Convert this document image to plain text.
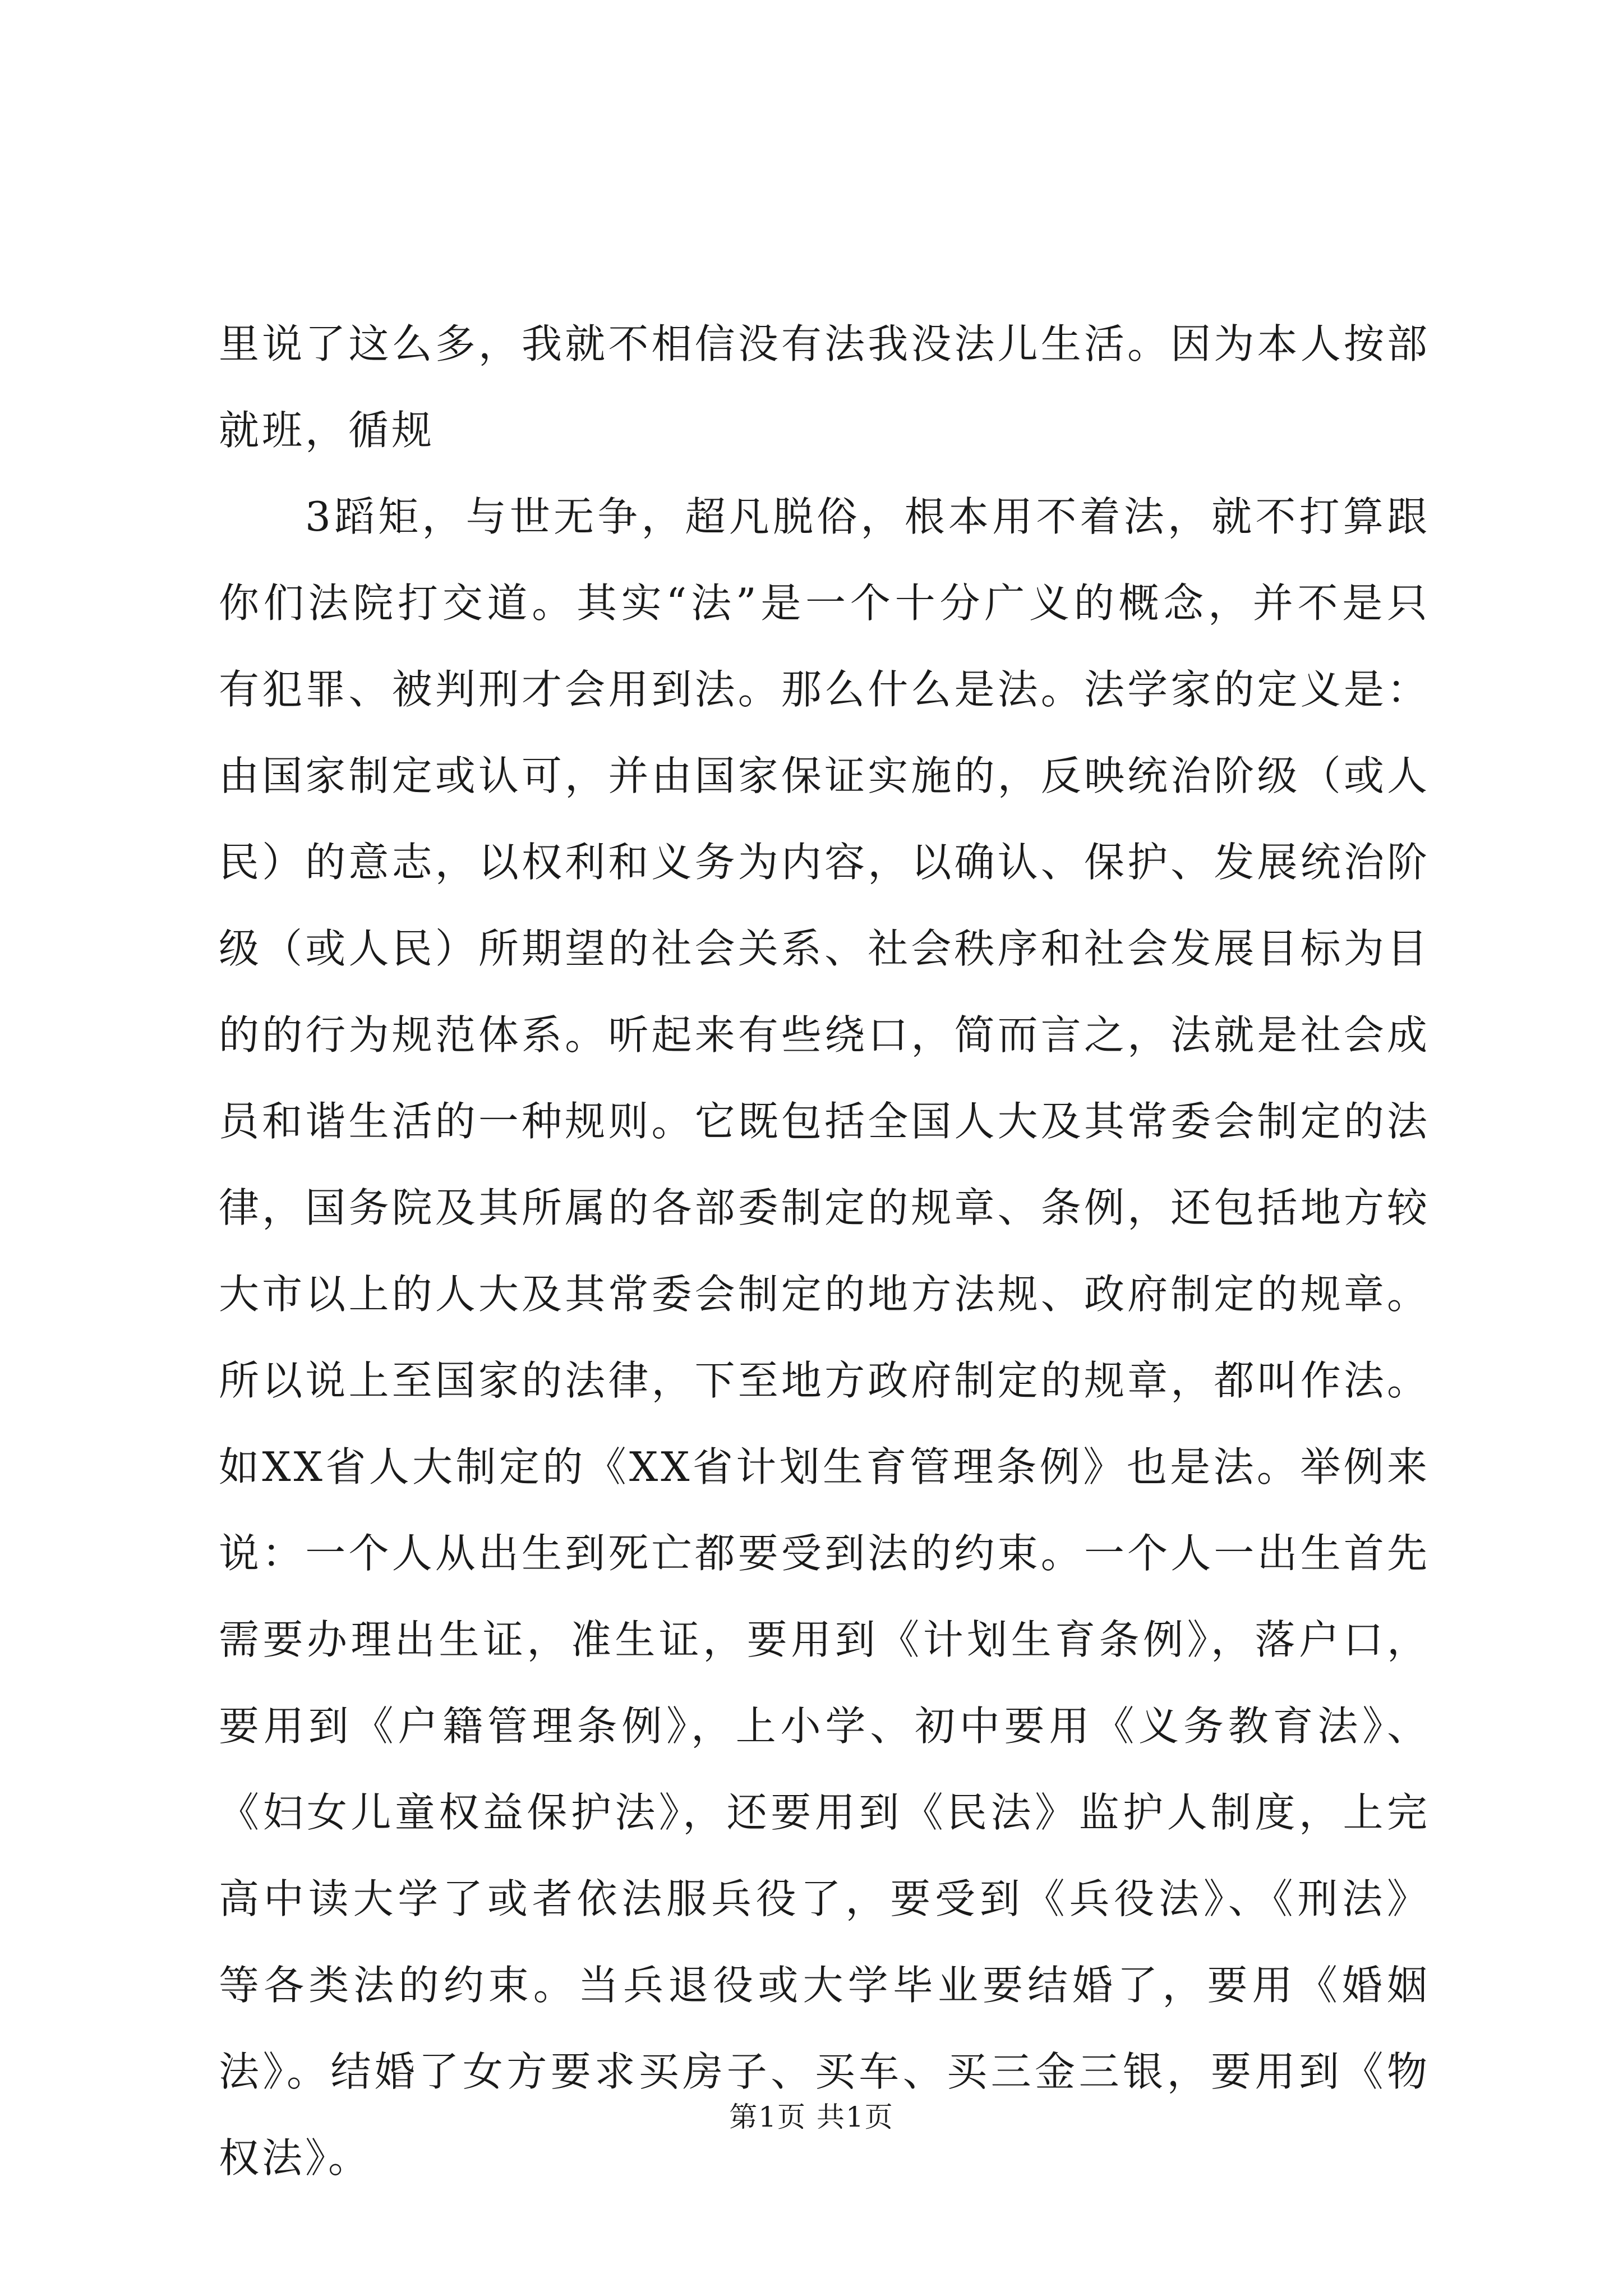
里说了这么多，我就不相信没有法我没法儿生活。因为本人按部就班，循规

3蹈矩，与世无争，超凡脱俗，根本用不着法，就不打算跟你们法院打交道。其实“法”是一个十分广义的概念，并不是只有犯罪、被判刑才会用到法。那么什么是法。法学家的定义是：由国家制定或认可，并由国家保证实施的，反映统治阶级（或人民）的意志，以权利和义务为内容，以确认、保护、发展统治阶级（或人民）所期望的社会关系、社会秩序和社会发展目标为目的的行为规范体系。听起来有些绕口，简而言之，法就是社会成员和谐生活的一种规则。它既包括全国人大及其常委会制定的法律，国务院及其所属的各部委制定的规章、条例，还包括地方较大市以上的人大及其常委会制定的地方法规、政府制定的规章。所以说上至国家的法律，下至地方政府制定的规章，都叫作法。如XX省人大制定的《XX省计划生育管理条例》也是法。举例来说：一个人从出生到死亡都要受到法的约束。一个人一出生首先需要办理出生证，准生证，要用到《计划生育条例》，落户口，要用到《户籍管理条例》，上小学、初中要用《义务教育法》、《妇女儿童权益保护法》，还要用到《民法》监护人制度，上完高中读大学了或者依法服兵役了，要受到《兵役法》、《刑法》等各类法的约束。当兵退役或大学毕业要结婚了，要用《婚姻法》。结婚了女方要求买房子、买车、买三金三银，要用到《物权法》。

第1页 共1页
